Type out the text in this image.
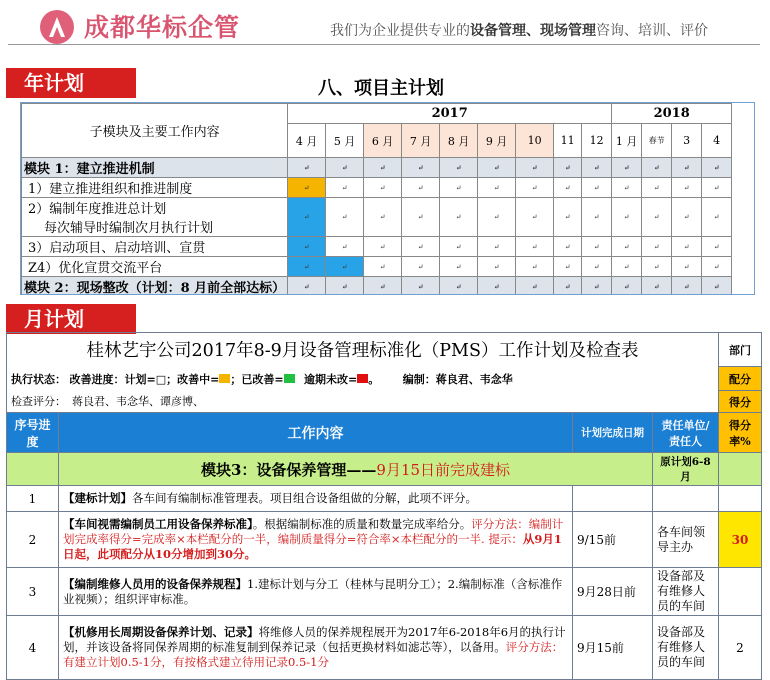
成都华标企管	我们为企业提供专业的设备管理、现场管理咨询、培训、评价
年计划	八、项目主计划
子模块及主要工作内容	2017									2018			
	4 月	5 月	6 月	7 月	8 月	9 月	10	11	12	1 月	春节	3	4
模块 1：建立推进机制	↵	↵	↵	↵	↵	↵	↵	↵	↵	↵	↵	↵	↵
1）建立推进组织和推进制度	↵	↵	↵	↵	↵	↵	↵	↵	↵	↵	↵	↵	↵

2）编制年度推进总计划
每次辅导时编制次月执行计划	↵	↵	↵	↵	↵	↵	↵	↵	↵	↵	↵	↵	↵
3）启动项目、启动培训、宣贯	↵	↵	↵	↵	↵	↵	↵	↵	↵	↵	↵	↵	↵
Z4）优化宣贯交流平台	↵	↵	↵	↵	↵	↵	↵	↵	↵	↵	↵	↵	↵
模块 2：现场整改（计划：8 月前全部达标）	↵	↵	↵	↵	↵	↵	↵	↵	↵	↵	↵	↵	↵
月计划
桂林艺宇公司2017年8-9月设备管理标准化（PMS）工作计划及检查表				部门
执行状态： 改善进度：计划=□；改善中= ；已改善= 逾期未改= 。 编制：蒋良君、韦念华				配分
检查评分： 蒋良君、韦念华、谭彦博、				得分
序号进度	工作内容	计划完成日期	责任单位/责任人	得分率%
	模块3：设备保养管理——9月15日前完成建标		原计划6-8月	
1	【建标计划】各车间有编制标准管理表。项目组合设备组做的分解，此项不评分。			
2	【车间视需编制员工用设备保养标准】。根据编制标准的质量和数量完成率给分。评分方法：编制计划完成率得分=完成率×本栏配分的一半，编制质量得分=符合率×本栏配分的一半. 提示：从9月1日起，此项配分从10分增加到30分。	9/15前	各车间领导主办	30
3	【编制维修人员用的设备保养规程】1.建标计划与分工（桂林与昆明分工）；2.编制标准（含标准作业视频）；组织评审标准。	9月28日前	设备部及有维修人员的车间	
4	【机修用长周期设备保养计划、记录】将维修人员的保养规程展开为2017年6-2018年6月的执行计划，并该设备将同保养周期的标准复制到保养记录（包括更换材料如滤芯等），以备用。评分方法：有建立计划0.5-1分，有按格式建立待用记录0.5-1分	9月15前	设备部及有维修人员的车间	2
